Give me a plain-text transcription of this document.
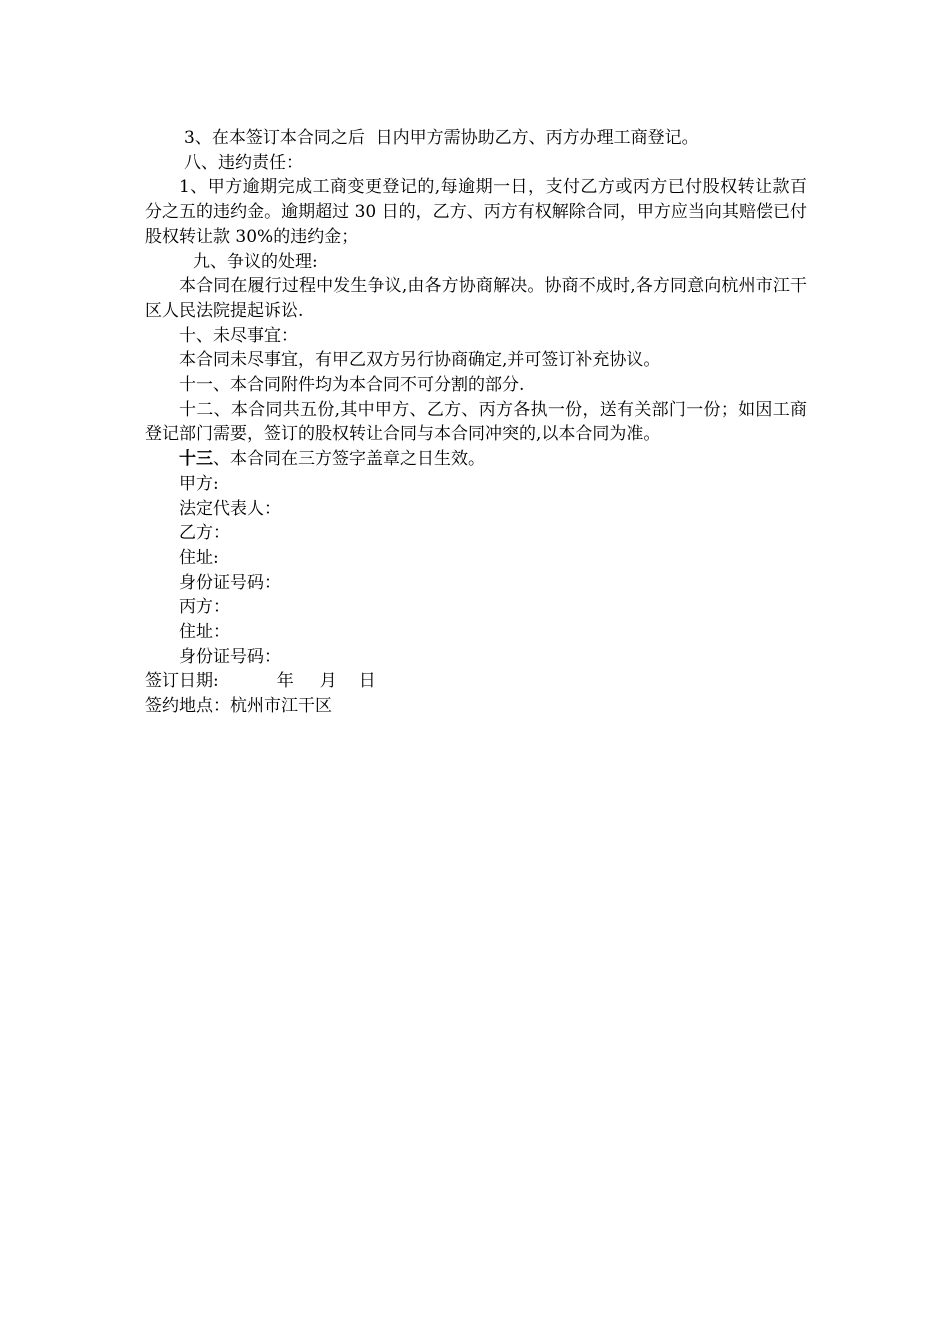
3、在本签订本合同之后  日内甲方需协助乙方、丙方办理工商登记。

八、违约责任：

1、甲方逾期完成工商变更登记的,每逾期一日，支付乙方或丙方已付股权转让款百分之五的违约金。逾期超过 30 日的，乙方、丙方有权解除合同，甲方应当向其赔偿已付股权转让款 30%的违约金；

九、争议的处理:

本合同在履行过程中发生争议,由各方协商解决。协商不成时,各方同意向杭州市江干区人民法院提起诉讼.

十、未尽事宜：

本合同未尽事宜，有甲乙双方另行协商确定,并可签订补充协议。

十一、本合同附件均为本合同不可分割的部分.

十二、本合同共五份,其中甲方、乙方、丙方各执一份，送有关部门一份；如因工商登记部门需要，签订的股权转让合同与本合同冲突的,以本合同为准。

十三、本合同在三方签字盖章之日生效。

甲方:

法定代表人：

乙方：

住址:

身份证号码：

丙方：

住址：

身份证号码：

签订日期:	年 月 日

签约地点：杭州市江干区
